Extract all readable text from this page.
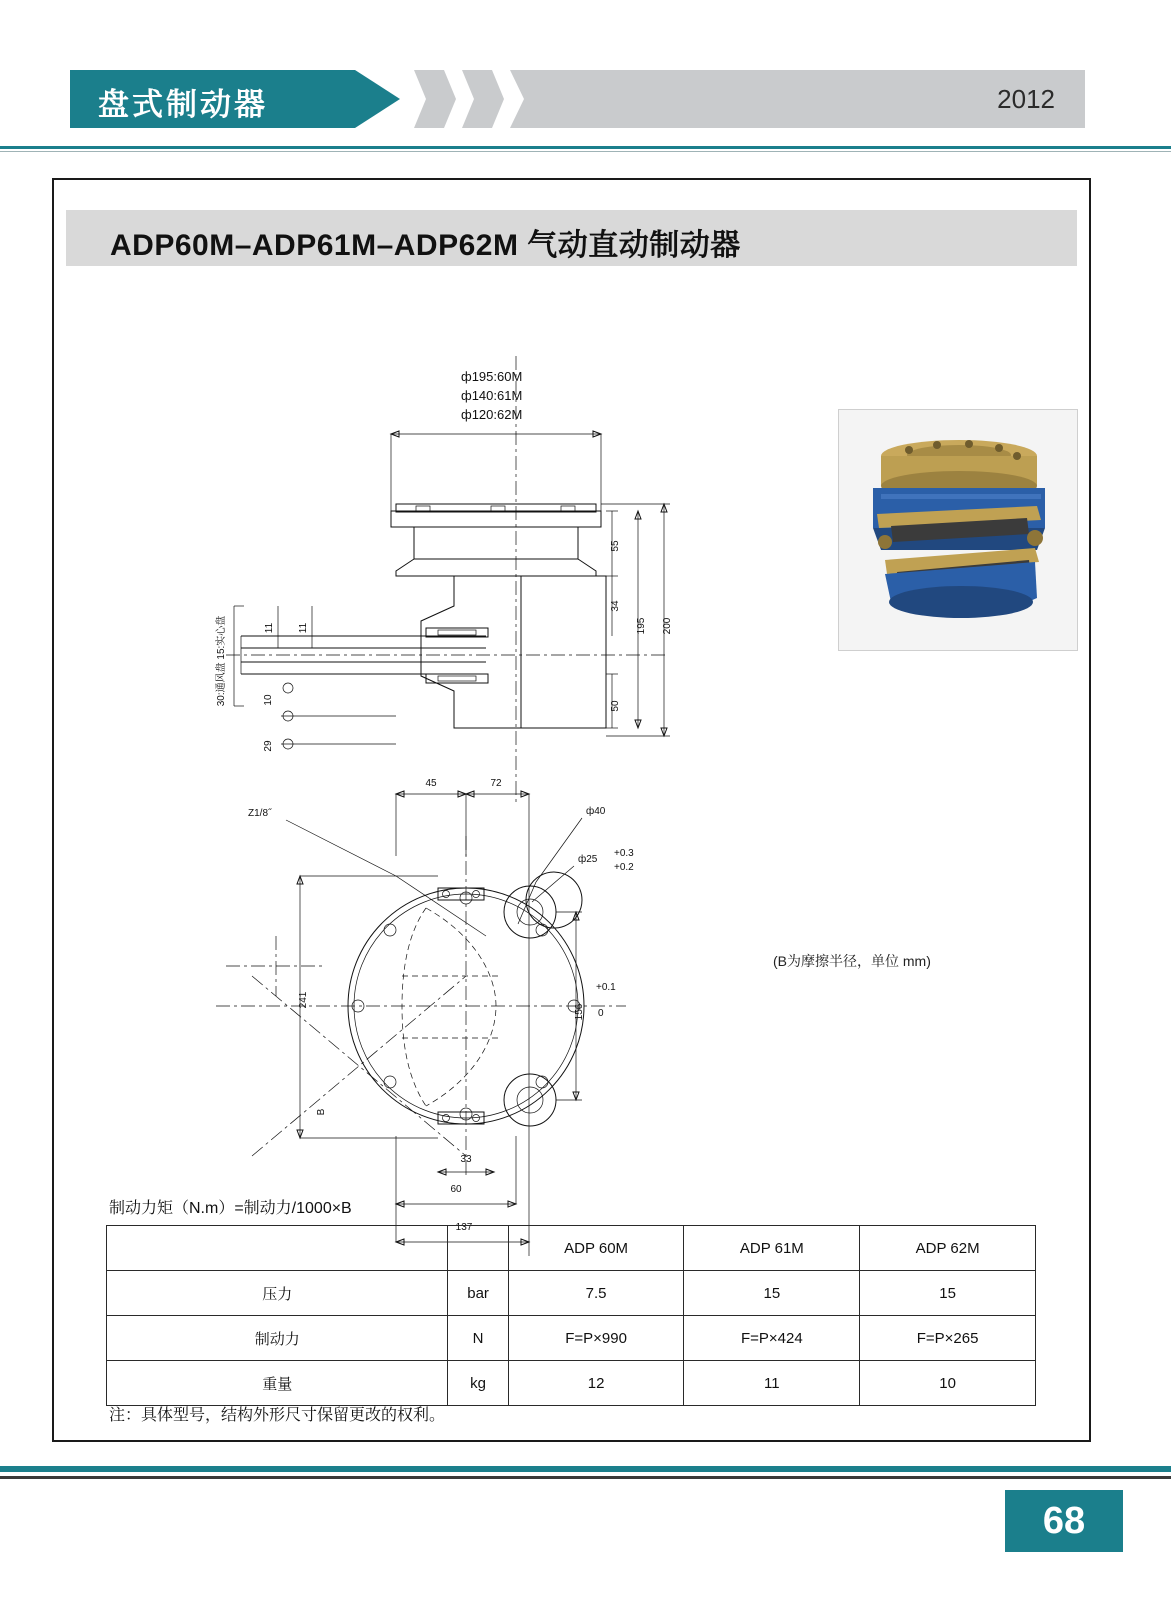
盘式制动器	2012
ADP60M–ADP61M–ADP62M 气动直动制动器
ф195:60M
ф140:61M
ф120:62M
30:通风盘 15:实心盘	11 11
10
29
55
34
50
195 200
45	72
Z1/8˝	ф40
ф25
+0.3
+0.2
241
B
156
+0.1
0
33
60
137
(B为摩擦半径，单位 mm)
制动力矩（N.m）=制动力/1000×B
		ADP 60M	ADP 61M	ADP 62M
压力	bar	7.5	15	15
制动力	N	F=P×990	F=P×424	F=P×265
重量	kg	12	11	10
注：具体型号，结构外形尺寸保留更改的权利。
68
